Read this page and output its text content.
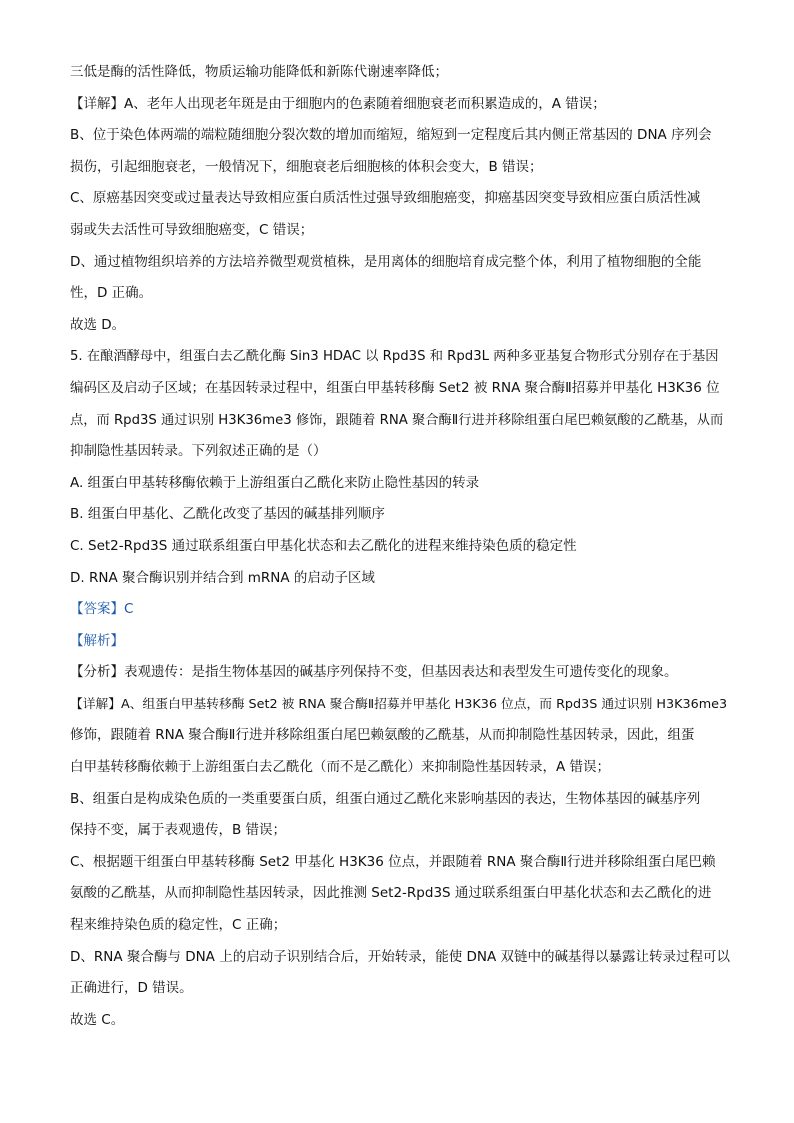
三低是酶的活性降低，物质运输功能降低和新陈代谢速率降低；
【详解】A、老年人出现老年斑是由于细胞内的色素随着细胞衰老而积累造成的，A 错误；
B、位于染色体两端的端粒随细胞分裂次数的增加而缩短，缩短到一定程度后其内侧正常基因的 DNA 序列会
损伤，引起细胞衰老，一般情况下，细胞衰老后细胞核的体积会变大，B 错误；
C、原癌基因突变或过量表达导致相应蛋白质活性过强导致细胞癌变，抑癌基因突变导致相应蛋白质活性减
弱或失去活性可导致细胞癌变，C 错误；
D、通过植物组织培养的方法培养微型观赏植株，是用离体的细胞培育成完整个体，利用了植物细胞的全能
性，D 正确。
故选 D。
5. 在酿酒酵母中，组蛋白去乙酰化酶 Sin3 HDAC 以 Rpd3S 和 Rpd3L 两种多亚基复合物形式分别存在于基因
编码区及启动子区域；在基因转录过程中，组蛋白甲基转移酶 Set2 被 RNA 聚合酶Ⅱ招募并甲基化 H3K36 位
点，而 Rpd3S 通过识别 H3K36me3 修饰，跟随着 RNA 聚合酶Ⅱ行进并移除组蛋白尾巴赖氨酸的乙酰基，从而
抑制隐性基因转录。下列叙述正确的是（）
A. 组蛋白甲基转移酶依赖于上游组蛋白乙酰化来防止隐性基因的转录
B. 组蛋白甲基化、乙酰化改变了基因的碱基排列顺序
C. Set2-Rpd3S 通过联系组蛋白甲基化状态和去乙酰化的进程来维持染色质的稳定性
D. RNA 聚合酶识别并结合到 mRNA 的启动子区域
【答案】C
【解析】
【分析】表观遗传：是指生物体基因的碱基序列保持不变，但基因表达和表型发生可遗传变化的现象。
【详解】A、组蛋白甲基转移酶 Set2 被 RNA 聚合酶Ⅱ招募并甲基化 H3K36 位点，而 Rpd3S 通过识别 H3K36me3
修饰，跟随着 RNA 聚合酶Ⅱ行进并移除组蛋白尾巴赖氨酸的乙酰基，从而抑制隐性基因转录，因此，组蛋
白甲基转移酶依赖于上游组蛋白去乙酰化（而不是乙酰化）来抑制隐性基因转录，A 错误；
B、组蛋白是构成染色质的一类重要蛋白质，组蛋白通过乙酰化来影响基因的表达，生物体基因的碱基序列
保持不变，属于表观遗传，B 错误；
C、根据题干组蛋白甲基转移酶 Set2 甲基化 H3K36 位点，并跟随着 RNA 聚合酶Ⅱ行进并移除组蛋白尾巴赖
氨酸的乙酰基，从而抑制隐性基因转录，因此推测 Set2-Rpd3S 通过联系组蛋白甲基化状态和去乙酰化的进
程来维持染色质的稳定性，C 正确；
D、RNA 聚合酶与 DNA 上的启动子识别结合后，开始转录，能使 DNA 双链中的碱基得以暴露让转录过程可以
正确进行，D 错误。
故选 C。
